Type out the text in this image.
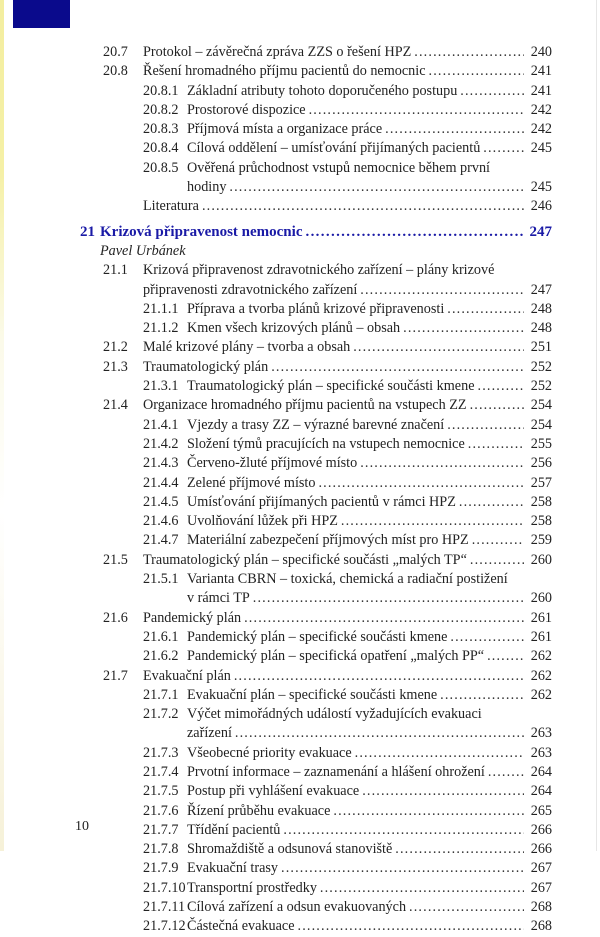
20.7 Protokol – závěrečná zpráva ZZS o řešení HPZ . . .	240
20.8 Řešení hromadného příjmu pacientů do nemocnic . . .	241
20.8.1 Základní atributy tohoto doporučeného postupu . . .	241
20.8.2 Prostorové dispozice . . .	242
20.8.3 Příjmová místa a organizace práce . . .	242
20.8.4 Cílová oddělení – umísťování přijímaných pacientů . . .	245
20.8.5 Ověřená průchodnost vstupů nemocnice během první
hodiny . . .	245
Literatura . . .	246
21 Krizová připravenost nemocnic . . .	247
Pavel Urbánek
21.1 Krizová připravenost zdravotnického zařízení – plány krizové
připravenosti zdravotnického zařízení . . .	247
21.1.1 Příprava a tvorba plánů krizové připravenosti . . .	248
21.1.2 Kmen všech krizových plánů – obsah . . .	248
21.2 Malé krizové plány – tvorba a obsah . . .	251
21.3 Traumatologický plán . . .	252
21.3.1 Traumatologický plán – specifické součásti kmene . . .	252
21.4 Organizace hromadného příjmu pacientů na vstupech ZZ . . .	254
21.4.1 Vjezdy a trasy ZZ – výrazné barevné značení . . .	254
21.4.2 Složení týmů pracujících na vstupech nemocnice . . .	255
21.4.3 Červeno-žluté příjmové místo . . .	256
21.4.4 Zelené příjmové místo . . .	257
21.4.5 Umísťování přijímaných pacientů v rámci HPZ . . .	258
21.4.6 Uvolňování lůžek při HPZ . . .	258
21.4.7 Materiální zabezpečení příjmových míst pro HPZ . . .	259
21.5 Traumatologický plán – specifické součásti „malých TP“ . . .	260
21.5.1 Varianta CBRN – toxická, chemická a radiační postižení
v rámci TP . . .	260
21.6 Pandemický plán . . .	261
21.6.1 Pandemický plán – specifické součásti kmene . . .	261
21.6.2 Pandemický plán – specifická opatření „malých PP“ . . .	262
21.7 Evakuační plán . . .	262
21.7.1 Evakuační plán – specifické součásti kmene . . .	262
21.7.2 Výčet mimořádných událostí vyžadujících evakuaci
zařízení . . .	263
21.7.3 Všeobecné priority evakuace . . .	263
21.7.4 Prvotní informace – zaznamenání a hlášení ohrožení . . .	264
21.7.5 Postup při vyhlášení evakuace . . .	264
21.7.6 Řízení průběhu evakuace . . .	265
21.7.7 Třídění pacientů . . .	266
21.7.8 Shromaždiště a odsunová stanoviště . . .	266
21.7.9 Evakuační trasy . . .	267
21.7.10 Transportní prostředky . . .	267
21.7.11 Cílová zařízení a odsun evakuovaných . . .	268
21.7.12 Částečná evakuace . . .	268
10
